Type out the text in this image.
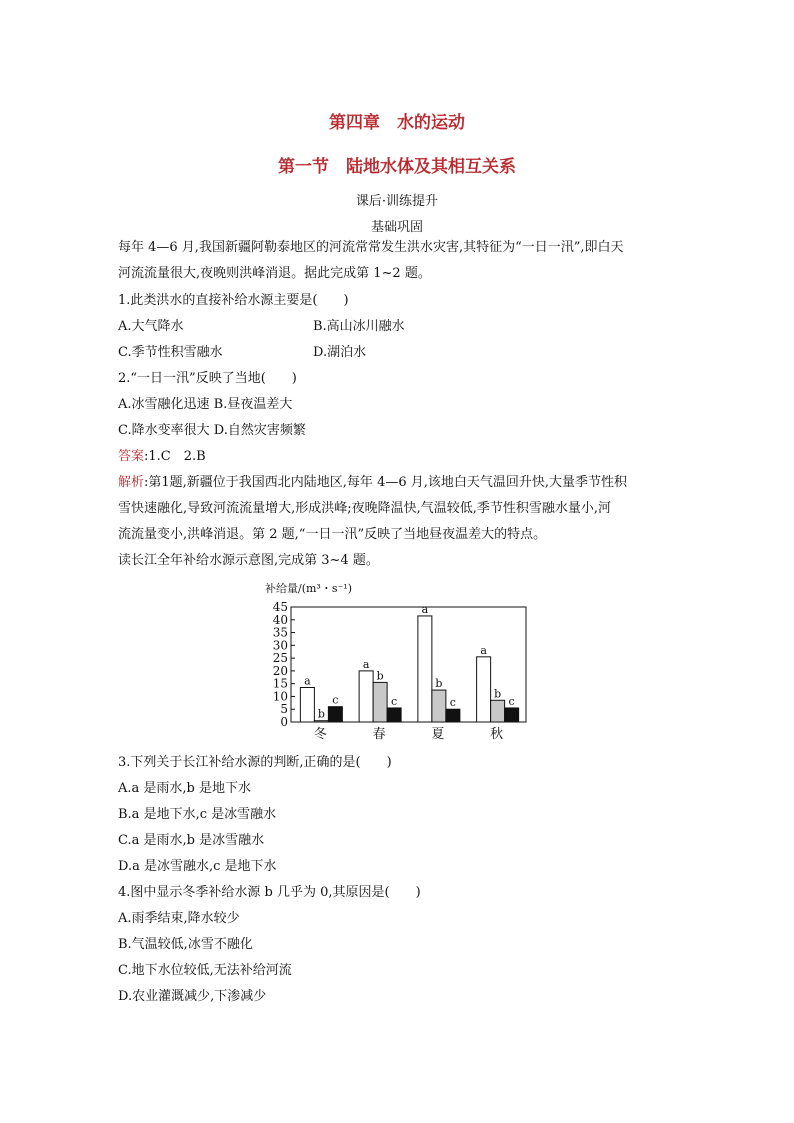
第四章　水的运动
第一节　陆地水体及其相互关系
课后·训练提升
基础巩固
每年 4—6 月,我国新疆阿勒泰地区的河流常常发生洪水灾害,其特征为“一日一汛”,即白天
河流流量很大,夜晚则洪峰消退。据此完成第 1~2 题。
1.此类洪水的直接补给水源主要是(　　)
A.大气降水	B.高山冰川融水
C.季节性积雪融水	D.湖泊水
2.“一日一汛”反映了当地(　　)
A.冰雪融化迅速 B.昼夜温差大
C.降水变率很大 D.自然灾害频繁
答案:1.C　2.B
解析:第1题,新疆位于我国西北内陆地区,每年 4—6 月,该地白天气温回升快,大量季节性积
雪快速融化,导致河流流量增大,形成洪峰;夜晚降温快,气温较低,季节性积雪融水量小,河
流流量变小,洪峰消退。第 2 题,“一日一汛”反映了当地昼夜温差大的特点。
读长江全年补给水源示意图,完成第 3~4 题。
补给量/(m³・s⁻¹)
0
5
10
15
20
25
30
35
40
45
冬	春	夏	秋
a
b
c
a
b
c
a
b
c
a
b
c
3.下列关于长江补给水源的判断,正确的是(　　)
A.a 是雨水,b 是地下水
B.a 是地下水,c 是冰雪融水
C.a 是雨水,b 是冰雪融水
D.a 是冰雪融水,c 是地下水
4.图中显示冬季补给水源 b 几乎为 0,其原因是(　　)
A.雨季结束,降水较少
B.气温较低,冰雪不融化
C.地下水位较低,无法补给河流
D.农业灌溉减少,下渗减少
